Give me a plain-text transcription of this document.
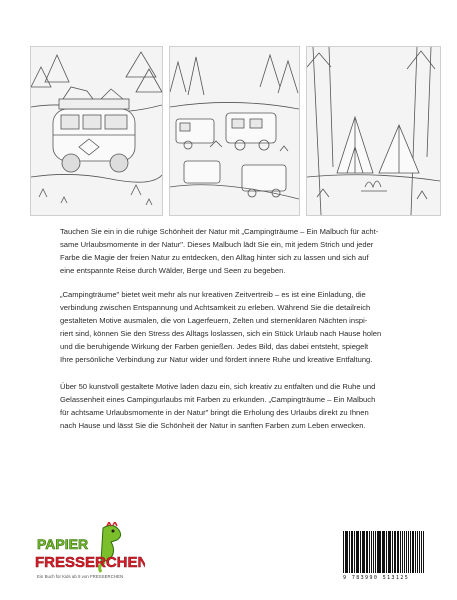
Tauchen Sie ein in die ruhige Schönheit der Natur mit „Campingträume – Ein Malbuch für acht-
same Urlaubsmomente in der Natur". Dieses Malbuch lädt Sie ein, mit jedem Strich und jeder
Farbe die Magie der freien Natur zu entdecken, den Alltag hinter sich zu lassen und sich auf
eine entspannte Reise durch Wälder, Berge und Seen zu begeben.

„Campingträume" bietet weit mehr als nur kreativen Zeitvertreib – es ist eine Einladung, die
verbindung zwischen Entspannung und Achtsamkeit zu erleben. Während Sie die detailreich
gestalteten Motive ausmalen, die von Lagerfeuern, Zelten und sternenklaren Nächten inspi-
riert sind, können Sie den Stress des Alltags loslassen, sich ein Stück Urlaub nach Hause holen
und die beruhigende Wirkung der Farben genießen. Jedes Bild, das dabei entsteht, spiegelt
Ihre persönliche Verbindung zur Natur wider und fördert innere Ruhe und kreative Entfaltung.

Über 50 kunstvoll gestaltete Motive laden dazu ein, sich kreativ zu entfalten und die Ruhe und
Gelassenheit eines Campingurlaubs mit Farben zu erkunden. „Campingträume – Ein Malbuch
für achtsame Urlaubsmomente in der Natur" bringt die Erholung des Urlaubs direkt zu Ihnen
nach Hause und lässt Sie die Schönheit der Natur in sanften Farben zum Leben erwecken.

PAPIER
FRESSERCHEN
Ein Buch für Kids ab 5 von FRESSERCHEN	9 783990 513125
